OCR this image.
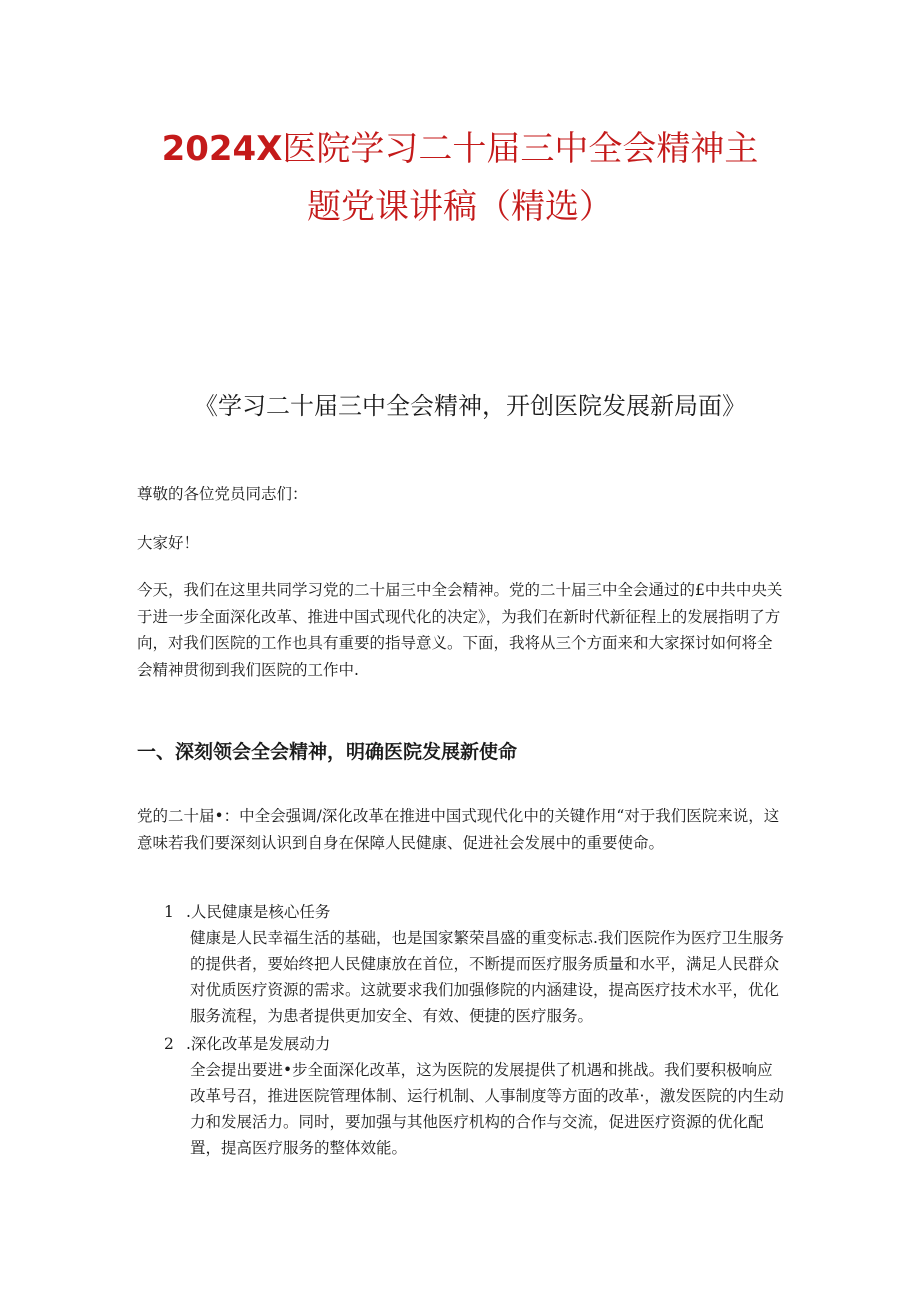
2024X医院学习二十届三中全会精神主
题党课讲稿（精选）

《学习二十届三中全会精神，开创医院发展新局面》

尊敬的各位党员同志们：

大家好！

今天，我们在这里共同学习党的二十届三中全会精神。党的二十届三中全会通过的£中共中央关于进一步全面深化改革、推进中国式现代化的决定》，为我们在新时代新征程上的发展指明了方向，对我们医院的工作也具有重要的指导意义。下面，我将从三个方面来和大家探讨如何将全会精神贯彻到我们医院的工作中.

一、深刻领会全会精神，明确医院发展新使命

党的二十届•：中全会强调/深化改革在推进中国式现代化中的关键作用“对于我们医院来说，这意味若我们要深刻认识到自身在保障人民健康、促进社会发展中的重要使命。

1 .人民健康是核心任务

健康是人民幸福生活的基础，也是国家繁荣昌盛的重变标志.我们医院作为医疗卫生服务的提供者，要始终把人民健康放在首位，不断提而医疗服务质量和水平，满足人民群众对优质医疗资源的需求。这就要求我们加强修院的内涵建设，提高医疗技术水平，优化服务流程，为患者提供更加安全、有效、便捷的医疗服务。

2 .深化改革是发展动力

全会提出要进•步全面深化改革，这为医院的发展提供了机遇和挑战。我们要积极响应改革号召，推进医院管理体制、运行机制、人事制度等方面的改革·，激发医院的内生动力和发展活力。同时，要加强与其他医疗机构的合作与交流，促进医疗资源的优化配置，提高医疗服务的整体效能。
